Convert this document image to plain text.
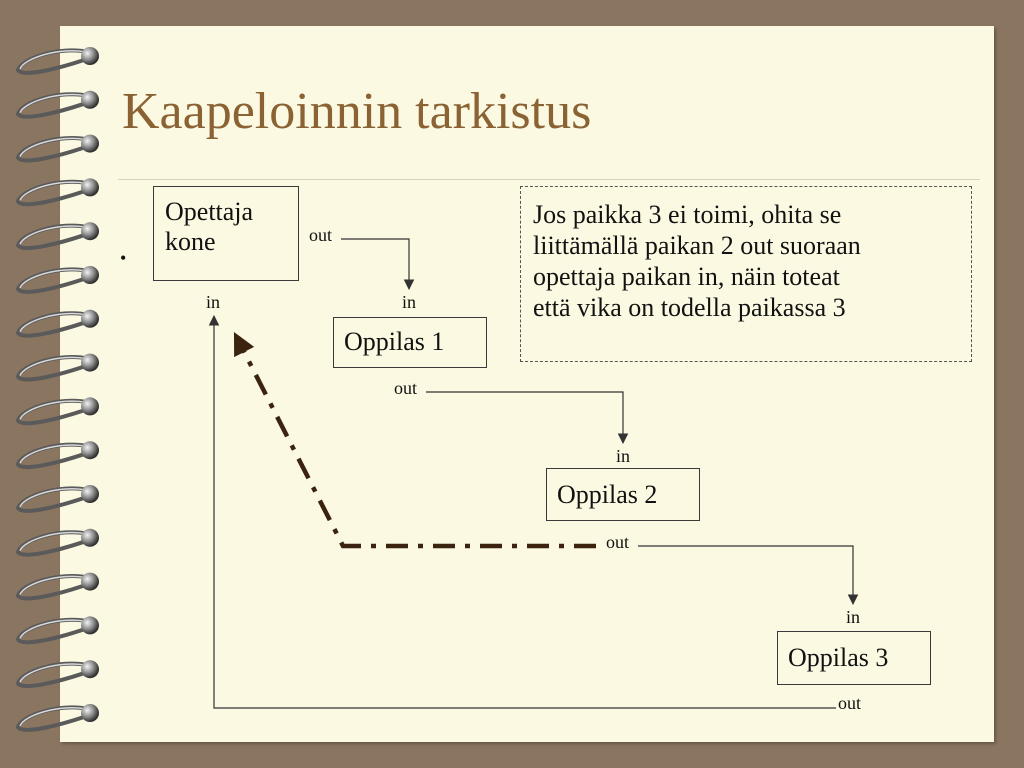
Kaapeloinnin tarkistus
•
Opettaja
kone	out
in
Oppilas 1
in
out
Oppilas 2
in
out
Oppilas 3
in
out
Jos paikka 3 ei toimi, ohita se
liittämällä paikan 2 out suoraan
opettaja paikan in, näin toteat
että vika on todella paikassa 3
